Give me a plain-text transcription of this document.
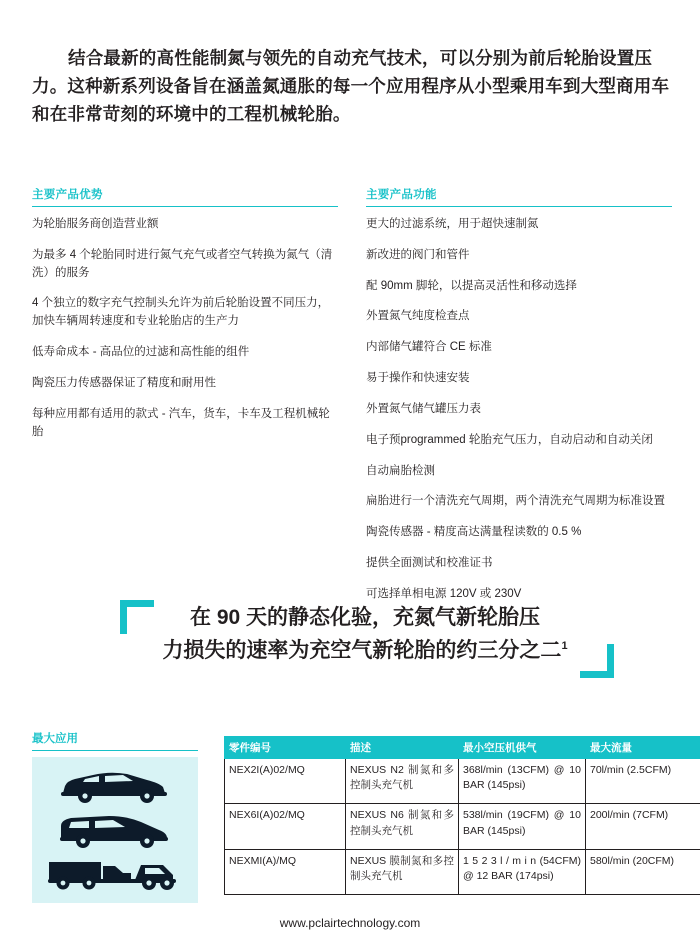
结合最新的高性能制氮与领先的自动充气技术，可以分别为前后轮胎设置压力。这种新系列设备旨在涵盖氮通胀的每一个应用程序从小型乘用车到大型商用车和在非常苛刻的环境中的工程机械轮胎。

主要产品优势
为轮胎服务商创造营业额
为最多 4 个轮胎同时进行氮气充气或者空气转换为氮气（清洗）的服务
4 个独立的数字充气控制头允许为前后轮胎设置不同压力，加快车辆周转速度和专业轮胎店的生产力
低寿命成本 - 高品位的过滤和高性能的组件
陶瓷压力传感器保证了精度和耐用性
每种应用都有适用的款式 - 汽车，货车，卡车及工程机械轮胎
主要产品功能
更大的过滤系统，用于超快速制氮
新改进的阀门和管件
配 90mm 脚轮，以提高灵活性和移动选择
外置氮气纯度检查点
内部储气罐符合 CE 标准
易于操作和快速安装
外置氮气储气罐压力表
电子预programmed 轮胎充气压力，自动启动和自动关闭
自动扁胎检测
扁胎进行一个清洗充气周期，两个清洗充气周期为标准设置
陶瓷传感器 - 精度高达满量程读数的 0.5 %
提供全面测试和校准证书
可选择单相电源 120V 或 230V
在 90 天的静态化验，充氮气新轮胎压
力损失的速率为充空气新轮胎的约三分之二$^1$
最大应用
零件编号	描述	最小空压机供气	最大流量
NEX2I(A)02/MQ	NEXUS N2 制氮和多控制头充气机	368l/min (13CFM) @ 10 BAR (145psi)	70l/min (2.5CFM)
NEX6I(A)02/MQ	NEXUS N6 制氮和多控制头充气机	538l/min (19CFM) @ 10 BAR (145psi)	200l/min (7CFM)
NEXMI(A)/MQ	NEXUS 膜制氮和多控制头充气机	1 5 2 3 l / m i n (54CFM) @ 12 BAR (174psi)	580l/min (20CFM)
www.pclairtechnology.com
